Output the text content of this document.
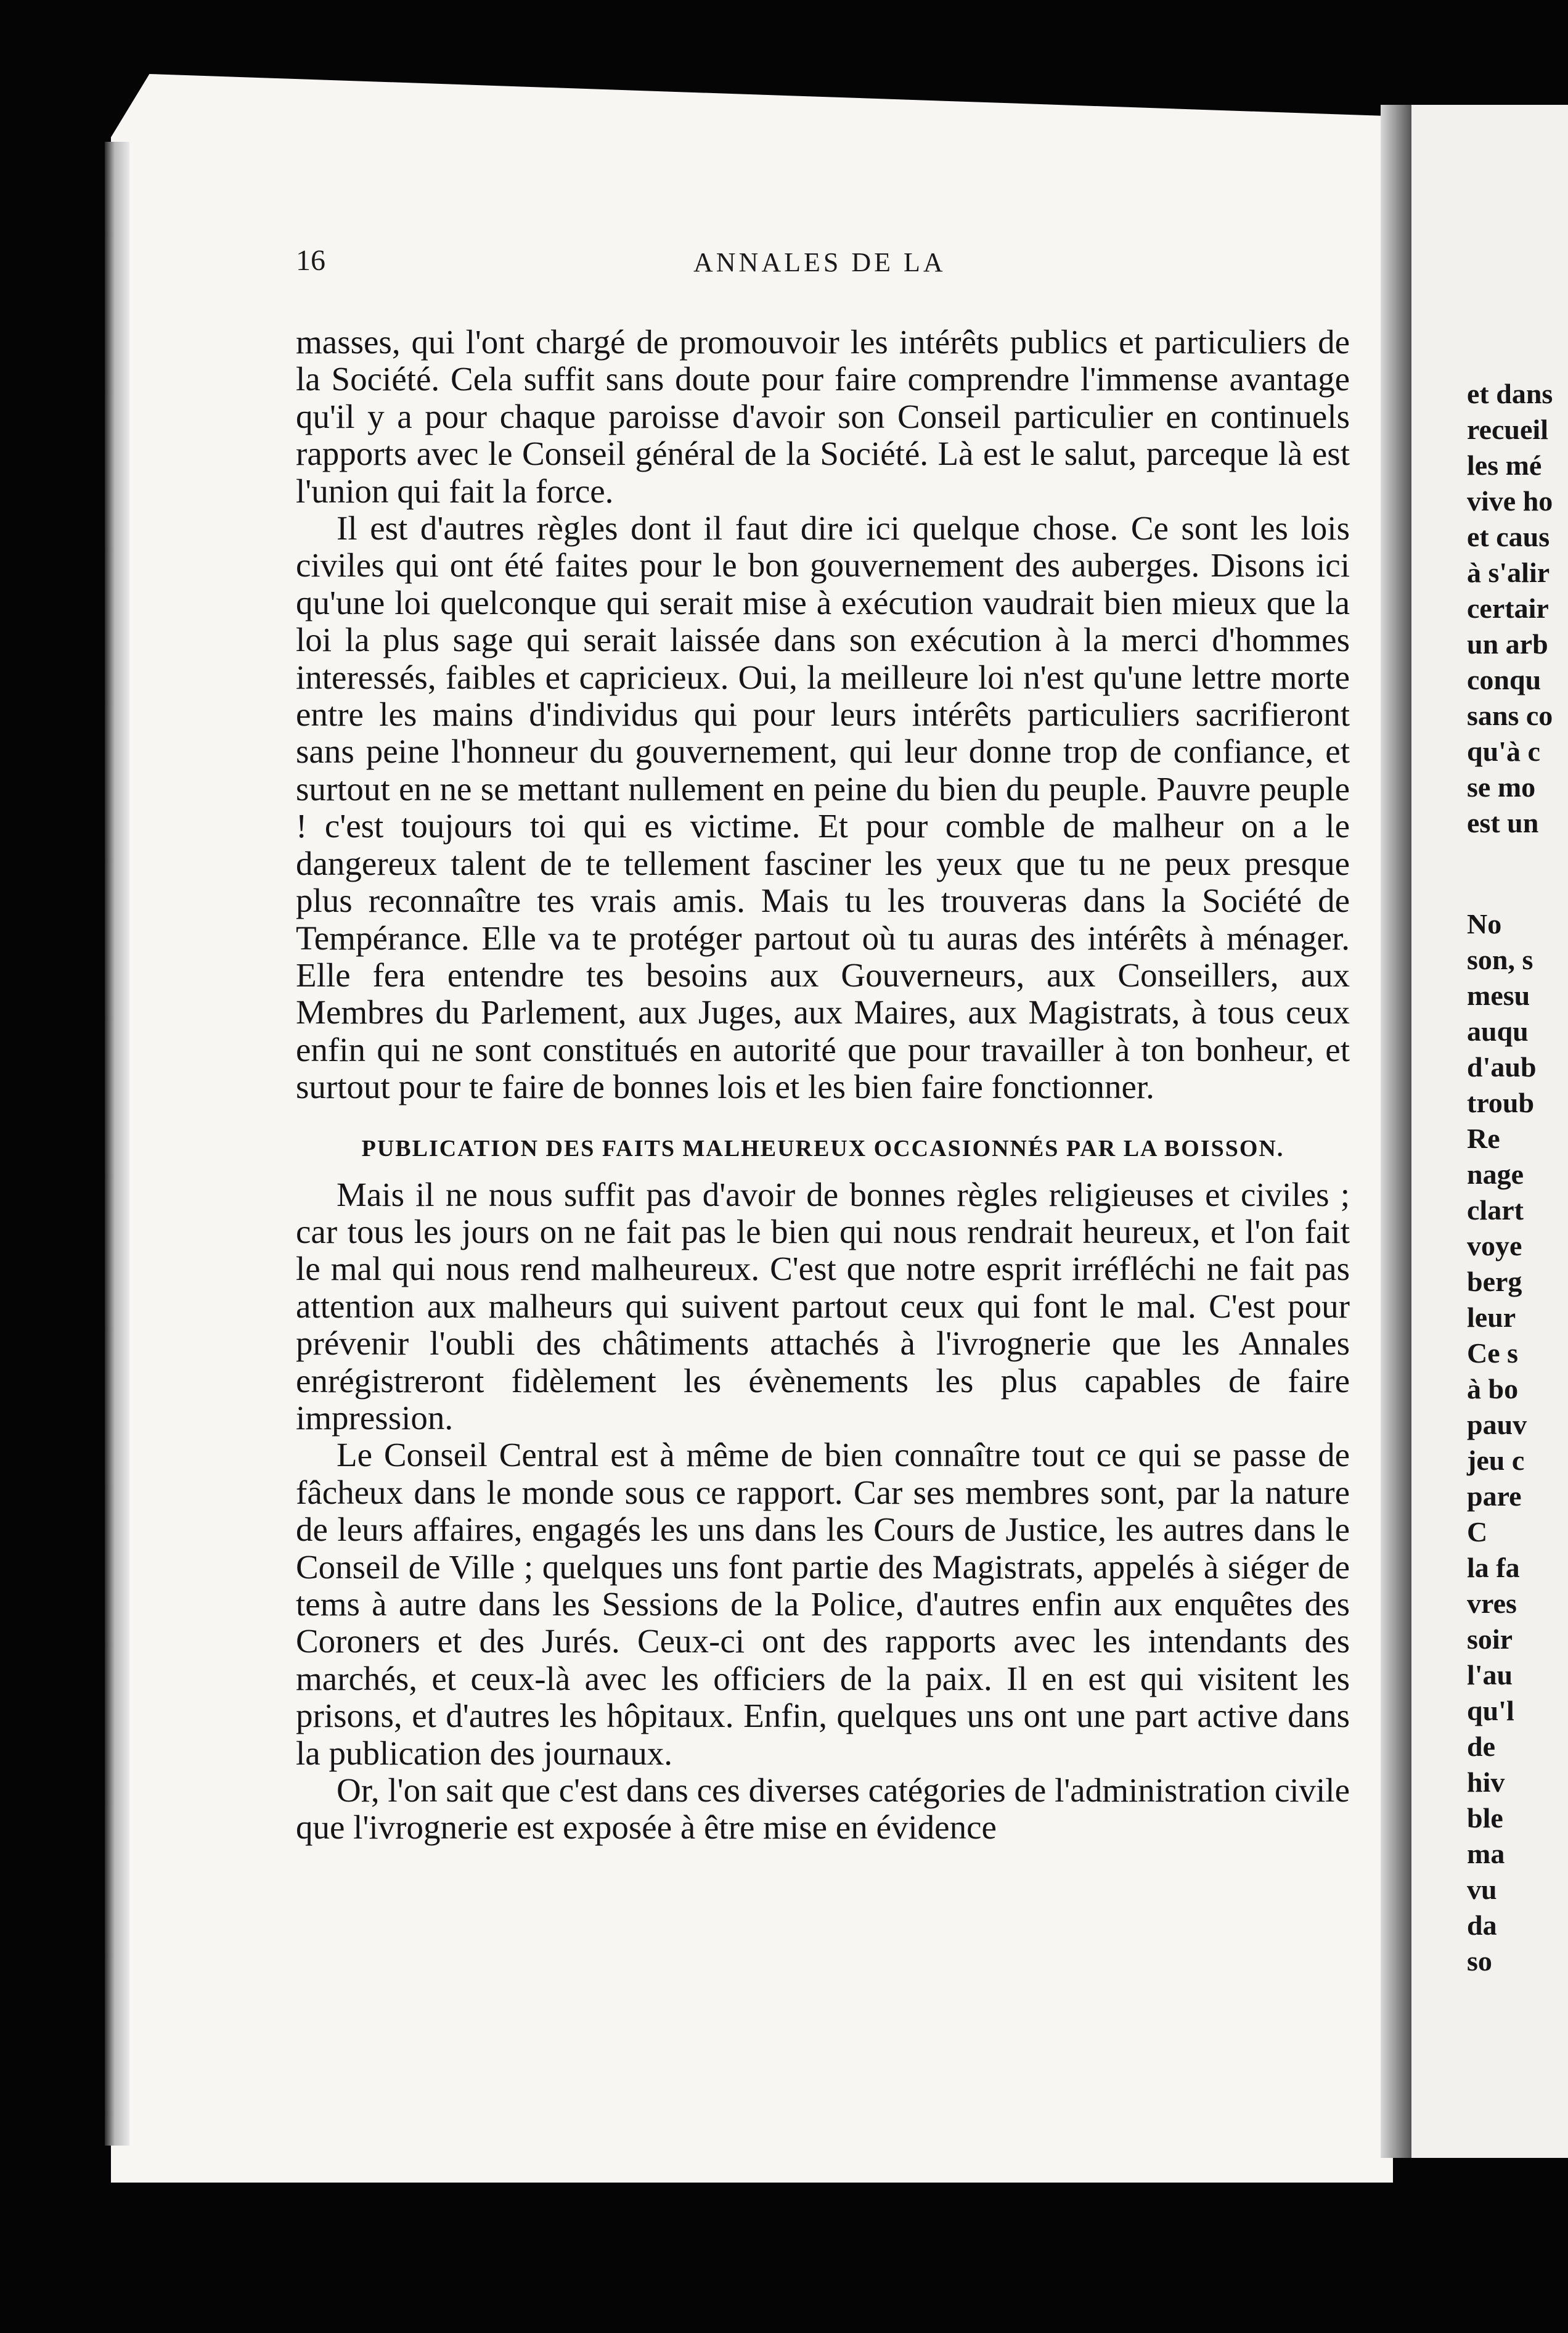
et dans
recueil
les mé
vive ho
et caus
à s'alir
certair
un arb
conqu
sans co
qu'à c
se mo
est un
No
son, s
mesu
auqu
d'aub
troub
Re
nage
clart
voye
berg
leur
Ce s
à bo
pauv
jeu c
pare
C
la fa
vres
soir
l'au
qu'l
de
hiv
ble
ma
vu
da
so
16	ANNALES DE LA

masses, qui l'ont chargé de promouvoir les intérêts publics et particuliers de la Société. Cela suffit sans doute pour faire comprendre l'immense avantage qu'il y a pour chaque paroisse d'avoir son Conseil particulier en continuels rapports avec le Conseil général de la Société. Là est le salut, parceque là est l'union qui fait la force.

Il est d'autres règles dont il faut dire ici quelque chose. Ce sont les lois civiles qui ont été faites pour le bon gouvernement des auberges. Disons ici qu'une loi quelconque qui serait mise à exécution vaudrait bien mieux que la loi la plus sage qui serait laissée dans son exécution à la merci d'hommes interessés, faibles et capricieux. Oui, la meilleure loi n'est qu'une lettre morte entre les mains d'individus qui pour leurs intérêts particuliers sacrifieront sans peine l'honneur du gouvernement, qui leur donne trop de confiance, et surtout en ne se mettant nullement en peine du bien du peuple. Pauvre peuple ! c'est toujours toi qui es victime. Et pour comble de malheur on a le dangereux talent de te tellement fasciner les yeux que tu ne peux presque plus reconnaître tes vrais amis. Mais tu les trouveras dans la Société de Tempérance. Elle va te protéger partout où tu auras des intérêts à ménager. Elle fera entendre tes besoins aux Gouverneurs, aux Conseillers, aux Membres du Parlement, aux Juges, aux Maires, aux Magistrats, à tous ceux enfin qui ne sont constitués en autorité que pour travailler à ton bonheur, et surtout pour te faire de bonnes lois et les bien faire fonctionner.

PUBLICATION DES FAITS MALHEUREUX OCCASIONNÉS PAR LA BOISSON.

Mais il ne nous suffit pas d'avoir de bonnes règles religieuses et civiles ; car tous les jours on ne fait pas le bien qui nous rendrait heureux, et l'on fait le mal qui nous rend malheureux. C'est que notre esprit irréfléchi ne fait pas attention aux malheurs qui suivent partout ceux qui font le mal. C'est pour prévenir l'oubli des châtiments attachés à l'ivrognerie que les Annales enrégistreront fidèlement les évènements les plus capables de faire impression.

Le Conseil Central est à même de bien connaître tout ce qui se passe de fâcheux dans le monde sous ce rapport. Car ses membres sont, par la nature de leurs affaires, engagés les uns dans les Cours de Justice, les autres dans le Conseil de Ville ; quelques uns font partie des Magistrats, appelés à siéger de tems à autre dans les Sessions de la Police, d'autres enfin aux enquêtes des Coroners et des Jurés. Ceux-ci ont des rapports avec les intendants des marchés, et ceux-là avec les officiers de la paix. Il en est qui visitent les prisons, et d'autres les hôpitaux. Enfin, quelques uns ont une part active dans la publication des journaux.

Or, l'on sait que c'est dans ces diverses catégories de l'administration civile que l'ivrognerie est exposée à être mise en évidence
